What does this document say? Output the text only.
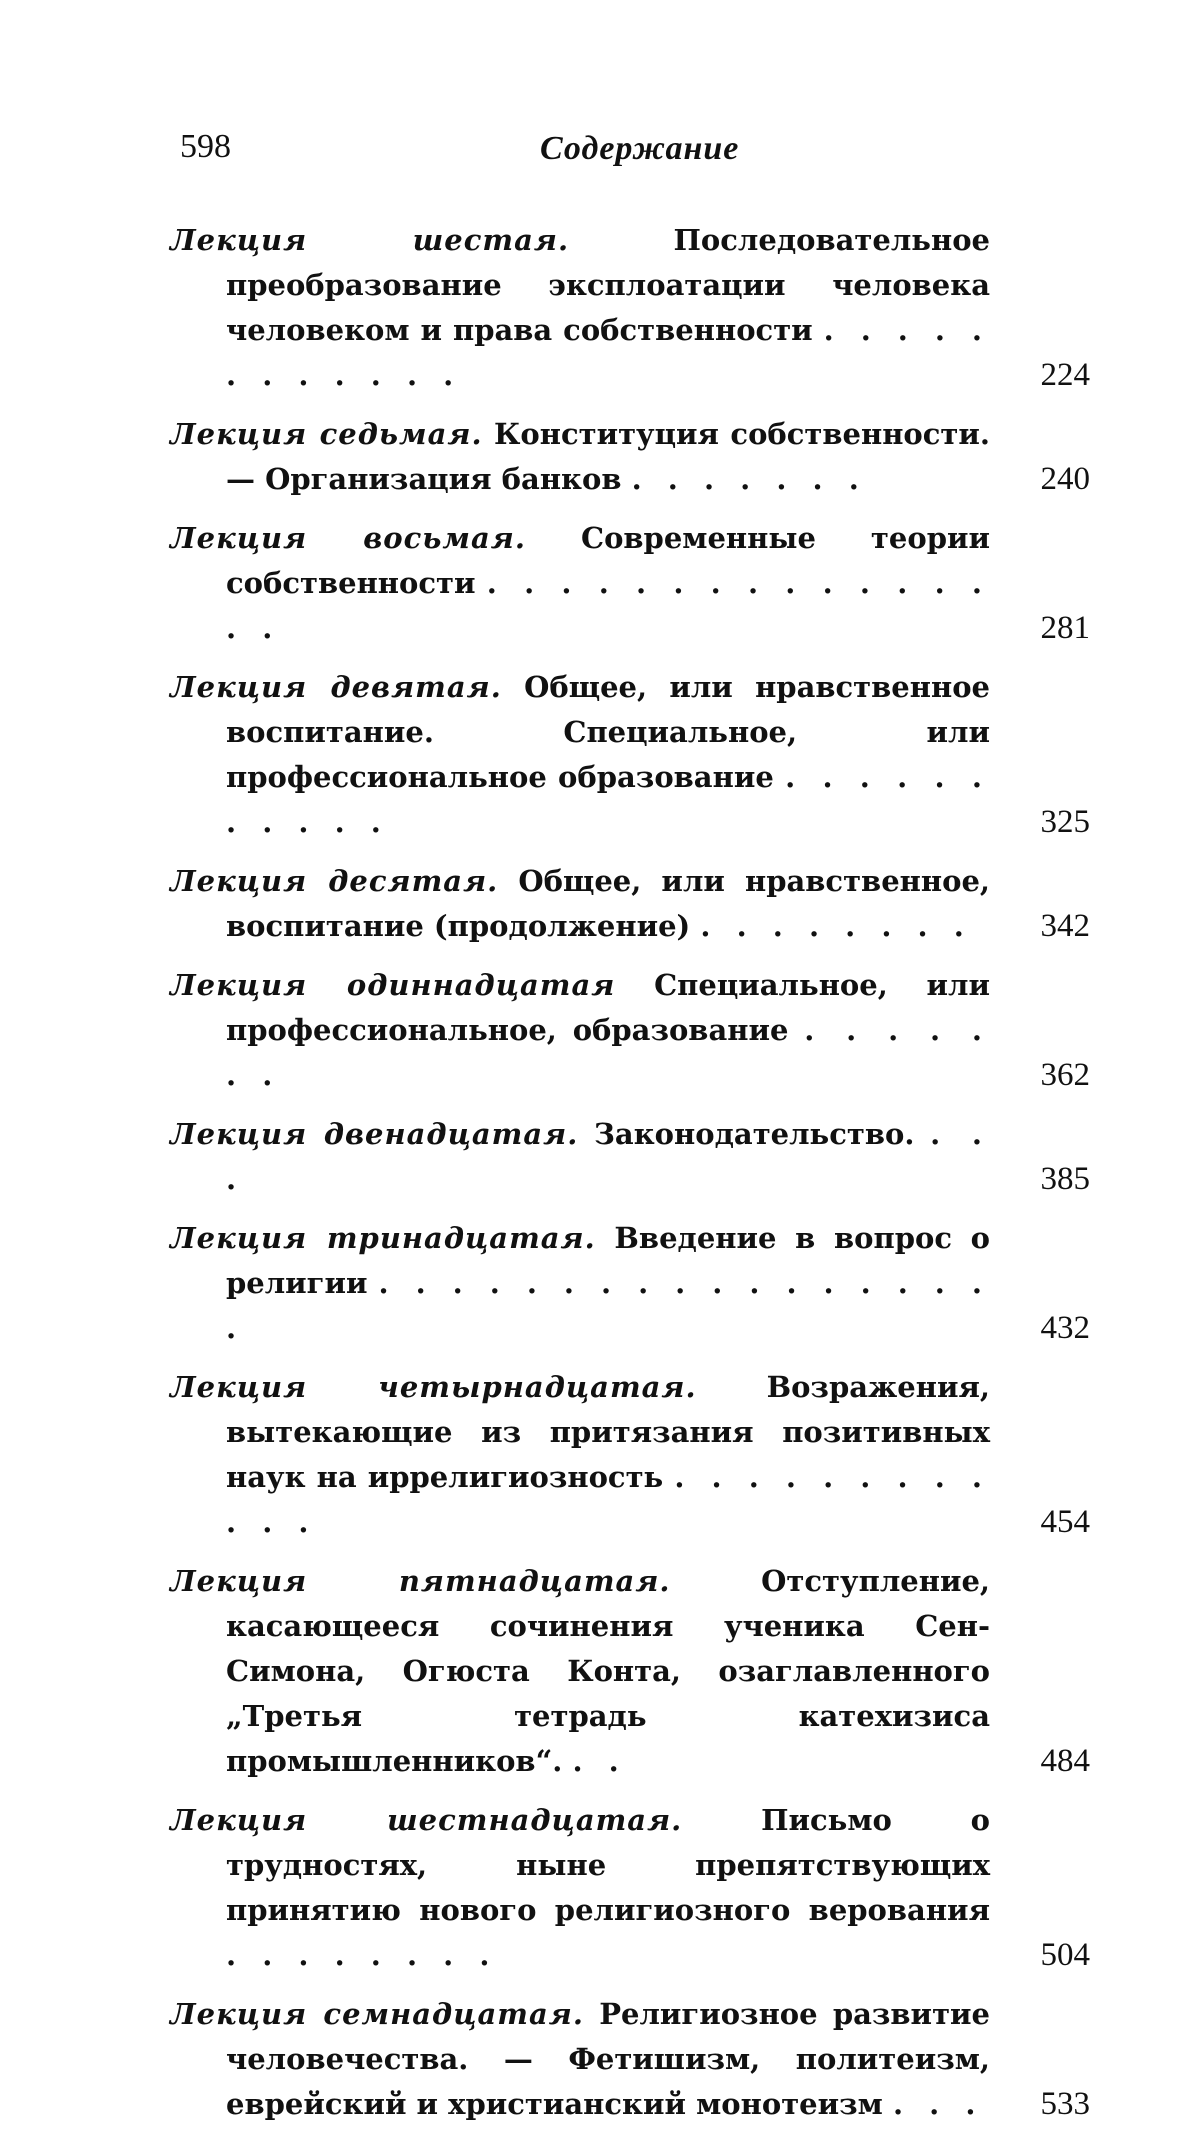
598	Содержание
Лекция шестая.	Последовательное преобразование эксплоатации человека человеком и права собственности . . . . . . . . . . . .	224
Лекция седьмая. Конституция собственности. — Организация банков . . . . . . .	240
Лекция восьмая. Современные теории собственности . . . . . . . . . . . . . . . .	281
Лекция девятая. Общее, или нравственное воспитание. Специальное, или профессиональное образование . . . . . . . . . . .	325
Лекция десятая. Общее, или нравственное, воспитание (продолжение) . . . . . . . .	342
Лекция одиннадцатая Специальное, или профессиональное, образование . . . . . . .	362
Лекция двенадцатая. Законодательство. . . .	385
Лекция тринадцатая. Введение в вопрос о религии . . . . . . . . . . . . . . . . . .	432
Лекция четырнадцатая. Возражения, вытекающие из притязания позитивных наук на иррелигиозность . . . . . . . . . . . .	454
Лекция пятнадцатая.	Отступление, касающееся сочинения ученика Сен-Симона, Огюста Конта, озаглавленного „Третья тетрадь катехизиса промышленников“. . .	484
Лекция шестнадцатая.	Письмо о трудностях, ныне препятствующих принятию нового религиозного верования . . . . . . . .	504
Лекция семнадцатая. Религиозное развитие человечества. — Фетишизм, политеизм, еврейский и христианский монотеизм . . . 533
